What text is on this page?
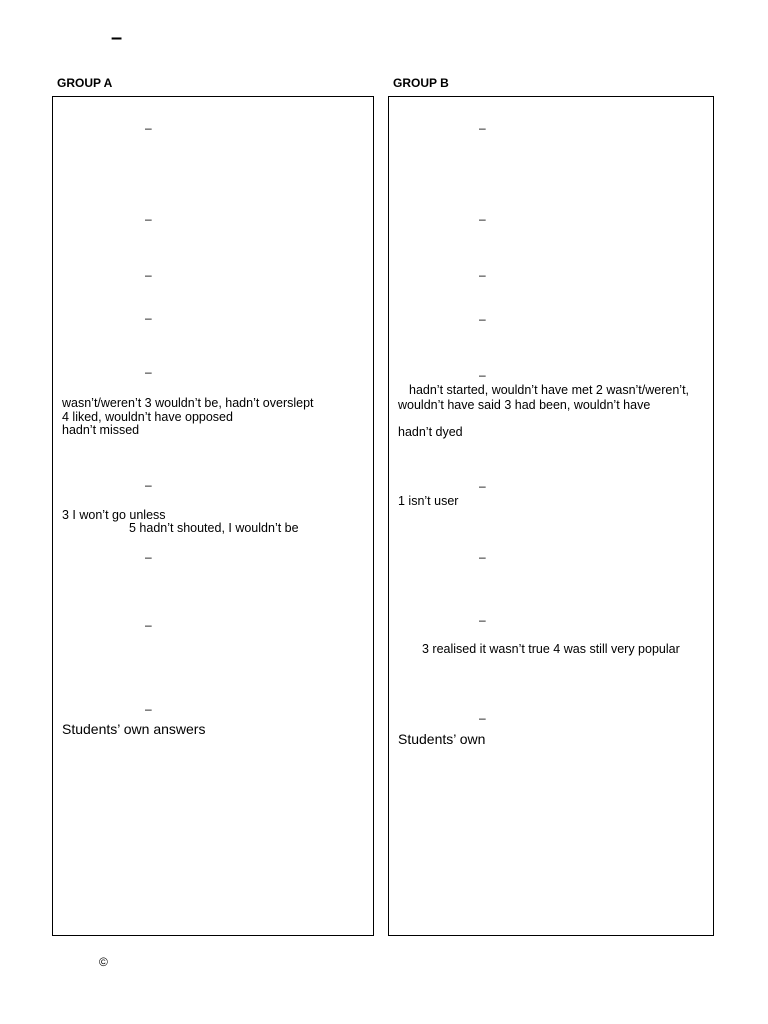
–
GROUP A
–
–
–
–
–
wasn’t/weren’t 3 wouldn’t be, hadn’t overslept
4 liked, wouldn’t have opposed
hadn’t missed
–
3 I won’t go unless
5 hadn’t shouted, I wouldn’t be
–
–
–
Students’ own answers
GROUP B
–
–
–
–
–
hadn’t started, wouldn’t have met 2 wasn’t/weren’t,
wouldn’t have said 3 had been, wouldn’t have
hadn’t dyed
–
1 isn’t user
–
–
3 realised it wasn’t true 4 was still very popular
–
Students’ own
©
